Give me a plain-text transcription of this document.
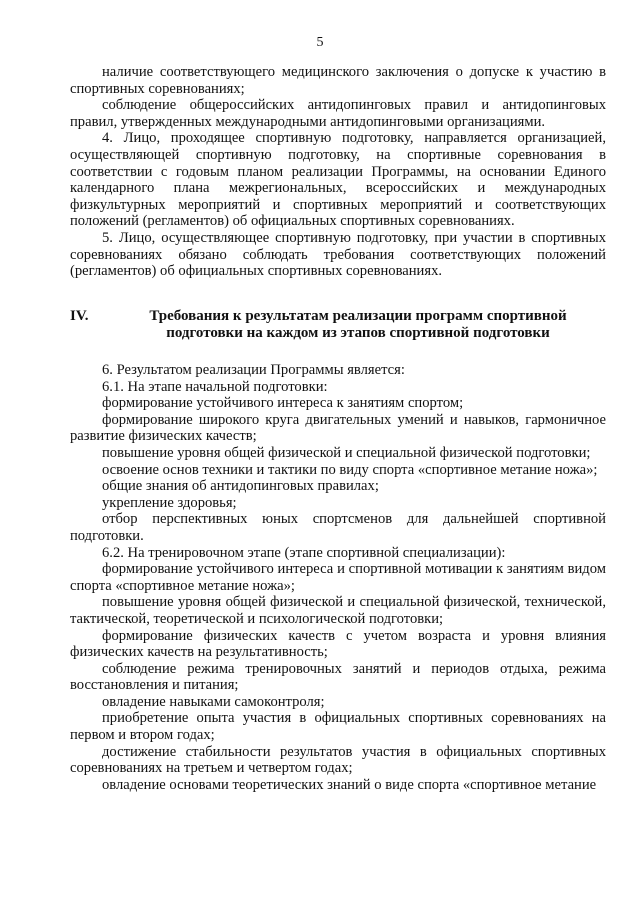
5

наличие соответствующего медицинского заключения о допуске к участию в спортивных соревнованиях;

соблюдение общероссийских антидопинговых правил и антидопинговых правил, утвержденных международными антидопинговыми организациями.

4. Лицо, проходящее спортивную подготовку, направляется организацией, осуществляющей спортивную подготовку, на спортивные соревнования в соответствии с годовым планом реализации Программы, на основании Единого календарного плана межрегиональных, всероссийских и международных физкультурных мероприятий и спортивных мероприятий и соответствующих положений (регламентов) об официальных спортивных соревнованиях.

5. Лицо, осуществляющее спортивную подготовку, при участии в спортивных соревнованиях обязано соблюдать требования соответствующих положений (регламентов) об официальных спортивных соревнованиях.

IV.	Требования к результатам реализации программ спортивной подготовки на каждом из этапов спортивной подготовки

6. Результатом реализации Программы является:

6.1. На этапе начальной подготовки:

формирование устойчивого интереса к занятиям спортом;

формирование широкого круга двигательных умений и навыков, гармоничное развитие физических качеств;

повышение уровня общей физической и специальной физической подготовки;

освоение основ техники и тактики по виду спорта «спортивное метание ножа»;

общие знания об антидопинговых правилах;

укрепление здоровья;

отбор перспективных юных спортсменов для дальнейшей спортивной подготовки.

6.2. На тренировочном этапе (этапе спортивной специализации):

формирование устойчивого интереса и спортивной мотивации к занятиям видом спорта «спортивное метание ножа»;

повышение уровня общей физической и специальной физической, технической, тактической, теоретической и психологической подготовки;

формирование физических качеств с учетом возраста и уровня влияния физических качеств на результативность;

соблюдение режима тренировочных занятий и периодов отдыха, режима восстановления и питания;

овладение навыками самоконтроля;

приобретение опыта участия в официальных спортивных соревнованиях на первом и втором годах;

достижение стабильности результатов участия в официальных спортивных соревнованиях на третьем и четвертом годах;

овладение основами теоретических знаний о виде спорта «спортивное метание
